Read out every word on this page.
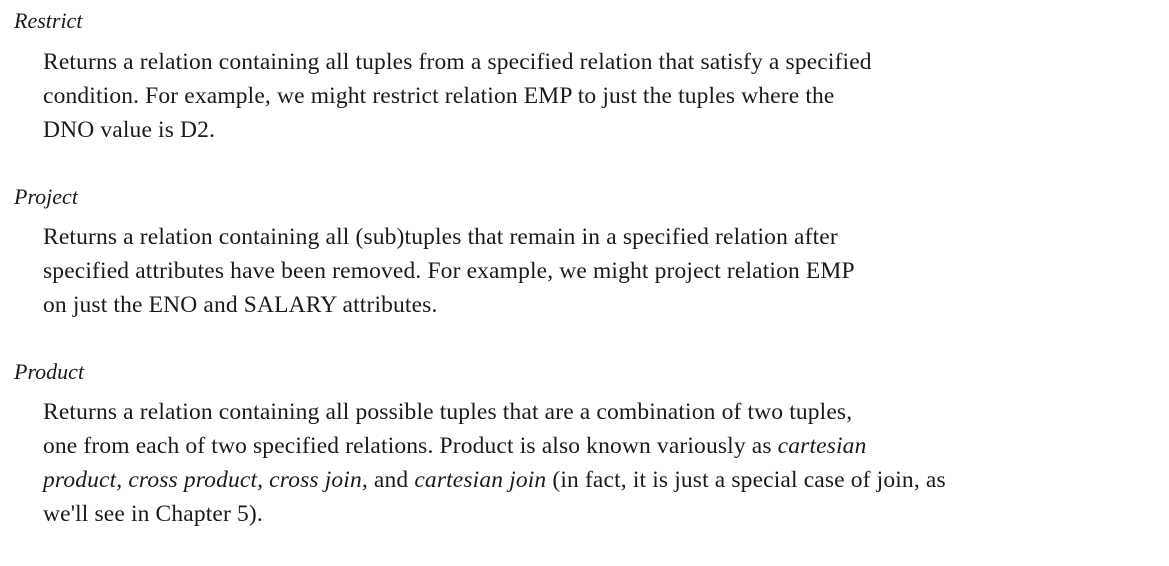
Restrict
Returns a relation containing all tuples from a specified relation that satisfy a specified
condition. For example, we might restrict relation EMP to just the tuples where the
DNO value is D2.
Project
Returns a relation containing all (sub)tuples that remain in a specified relation after
specified attributes have been removed. For example, we might project relation EMP
on just the ENO and SALARY attributes.
Product
Returns a relation containing all possible tuples that are a combination of two tuples,
one from each of two specified relations. Product is also known variously as cartesian
product, cross product, cross join, and cartesian join (in fact, it is just a special case of join, as
we'll see in Chapter 5).
